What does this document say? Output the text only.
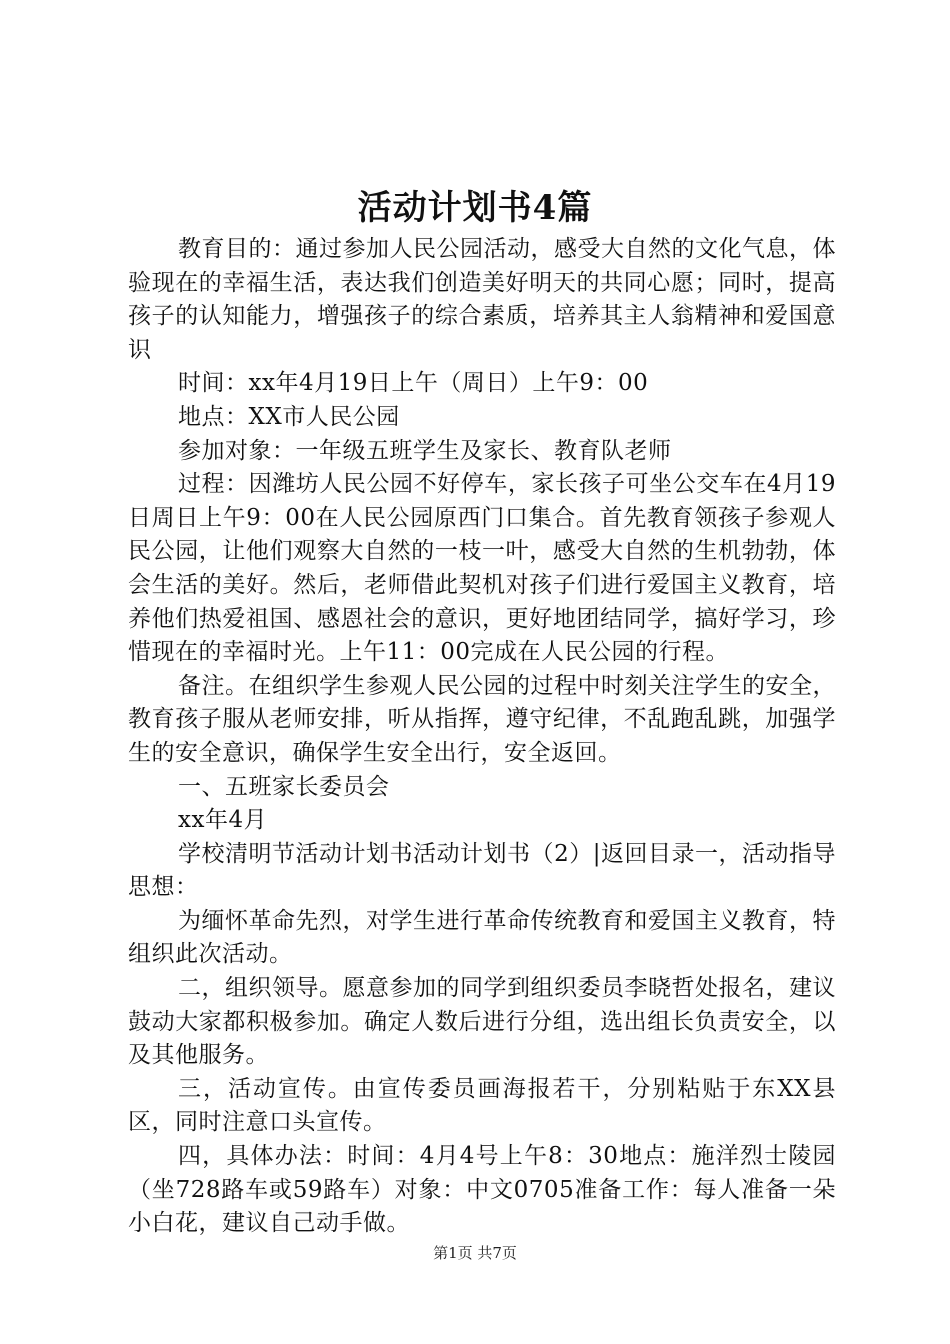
活动计划书4篇

教育目的：通过参加人民公园活动，感受大自然的文化气息，体验现在的幸福生活，表达我们创造美好明天的共同心愿；同时，提高孩子的认知能力，增强孩子的综合素质，培养其主人翁精神和爱国意识

时间：xx年4月19日上午（周日）上午9：00

地点：XX市人民公园

参加对象：一年级五班学生及家长、教育队老师

过程：因潍坊人民公园不好停车，家长孩子可坐公交车在4月19日周日上午9：00在人民公园原西门口集合。首先教育领孩子参观人民公园，让他们观察大自然的一枝一叶，感受大自然的生机勃勃，体会生活的美好。然后，老师借此契机对孩子们进行爱国主义教育，培养他们热爱祖国、感恩社会的意识，更好地团结同学，搞好学习，珍惜现在的幸福时光。上午11：00完成在人民公园的行程。

备注。在组织学生参观人民公园的过程中时刻关注学生的安全，教育孩子服从老师安排，听从指挥，遵守纪律，不乱跑乱跳，加强学生的安全意识，确保学生安全出行，安全返回。

一、五班家长委员会

xx年4月

学校清明节活动计划书活动计划书（2）|返回目录一，活动指导思想：

为缅怀革命先烈，对学生进行革命传统教育和爱国主义教育，特组织此次活动。

二，组织领导。愿意参加的同学到组织委员李晓哲处报名，建议鼓动大家都积极参加。确定人数后进行分组，选出组长负责安全，以及其他服务。

三，活动宣传。由宣传委员画海报若干，分别粘贴于东XX县区，同时注意口头宣传。

四，具体办法：时间：4月4号上午8：30地点：施洋烈士陵园（坐728路车或59路车）对象：中文0705准备工作：每人准备一朵小白花，建议自己动手做。

第1页 共7页
